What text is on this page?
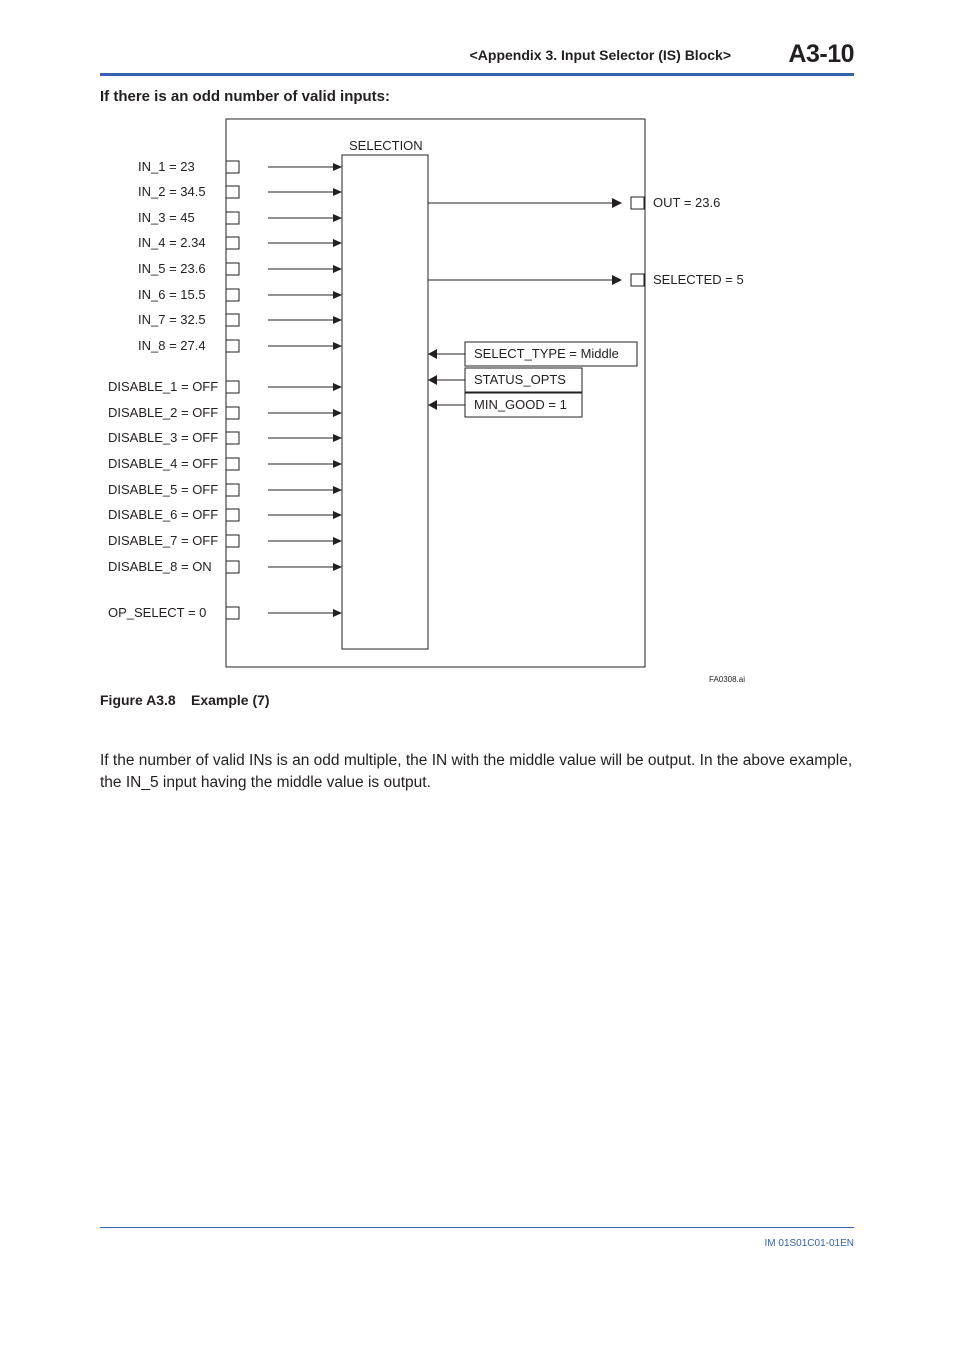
<Appendix 3. Input Selector (IS) Block>	A3-10
If there is an odd number of valid inputs:
SELECTION
IN_1 = 23
IN_2 = 34.5
IN_3 = 45
IN_4 = 2.34
IN_5 = 23.6
IN_6 = 15.5
IN_7 = 32.5
IN_8 = 27.4
DISABLE_1 = OFF
DISABLE_2 = OFF
DISABLE_3 = OFF
DISABLE_4 = OFF
DISABLE_5 = OFF
DISABLE_6 = OFF
DISABLE_7 = OFF
DISABLE_8 = ON
OP_SELECT = 0
OUT = 23.6
SELECTED = 5
SELECT_TYPE = Middle
STATUS_OPTS
MIN_GOOD = 1
FA0308.ai
Figure A3.8 Example (7)
If the number of valid INs is an odd multiple, the IN with the middle value will be output. In the above example, the IN_5 input having the middle value is output.
IM 01S01C01-01EN
